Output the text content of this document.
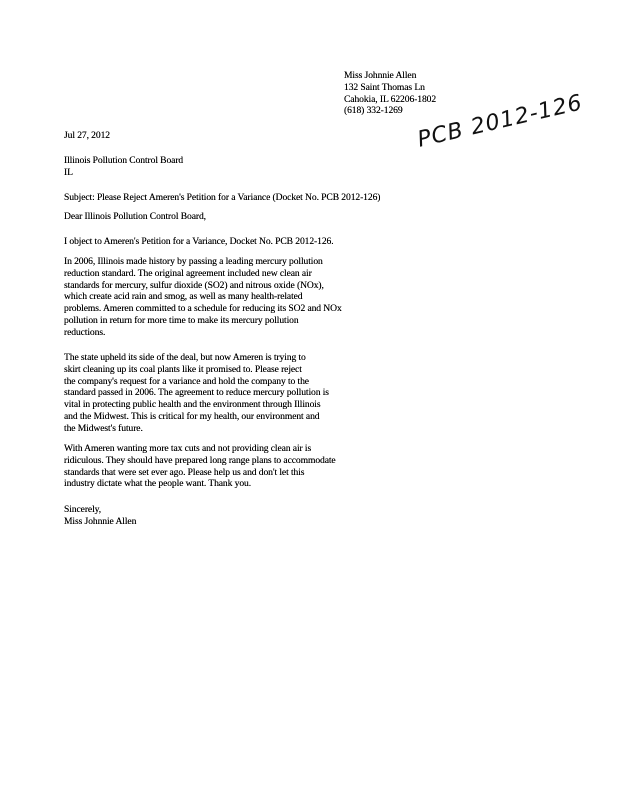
Miss Johnnie Allen
132 Saint Thomas Ln
Cahokia, IL 62206-1802
(618) 332-1269 PCB 2012-126
Jul 27, 2012
Illinois Pollution Control Board
IL
Subject: Please Reject Ameren's Petition for a Variance (Docket No. PCB 2012-126)
Dear Illinois Pollution Control Board,
I object to Ameren's Petition for a Variance, Docket No. PCB 2012-126.
In 2006, Illinois made history by passing a leading mercury pollution
reduction standard. The original agreement included new clean air
standards for mercury, sulfur dioxide (SO2) and nitrous oxide (NOx),
which create acid rain and smog, as well as many health-related
problems. Ameren committed to a schedule for reducing its SO2 and NOx
pollution in return for more time to make its mercury pollution
reductions.
The state upheld its side of the deal, but now Ameren is trying to
skirt cleaning up its coal plants like it promised to. Please reject
the company's request for a variance and hold the company to the
standard passed in 2006. The agreement to reduce mercury pollution is
vital in protecting public health and the environment through Illinois
and the Midwest. This is critical for my health, our environment and
the Midwest's future.
With Ameren wanting more tax cuts and not providing clean air is
ridiculous. They should have prepared long range plans to accommodate
standards that were set ever ago. Please help us and don't let this
industry dictate what the people want. Thank you.
Sincerely,
Miss Johnnie Allen
